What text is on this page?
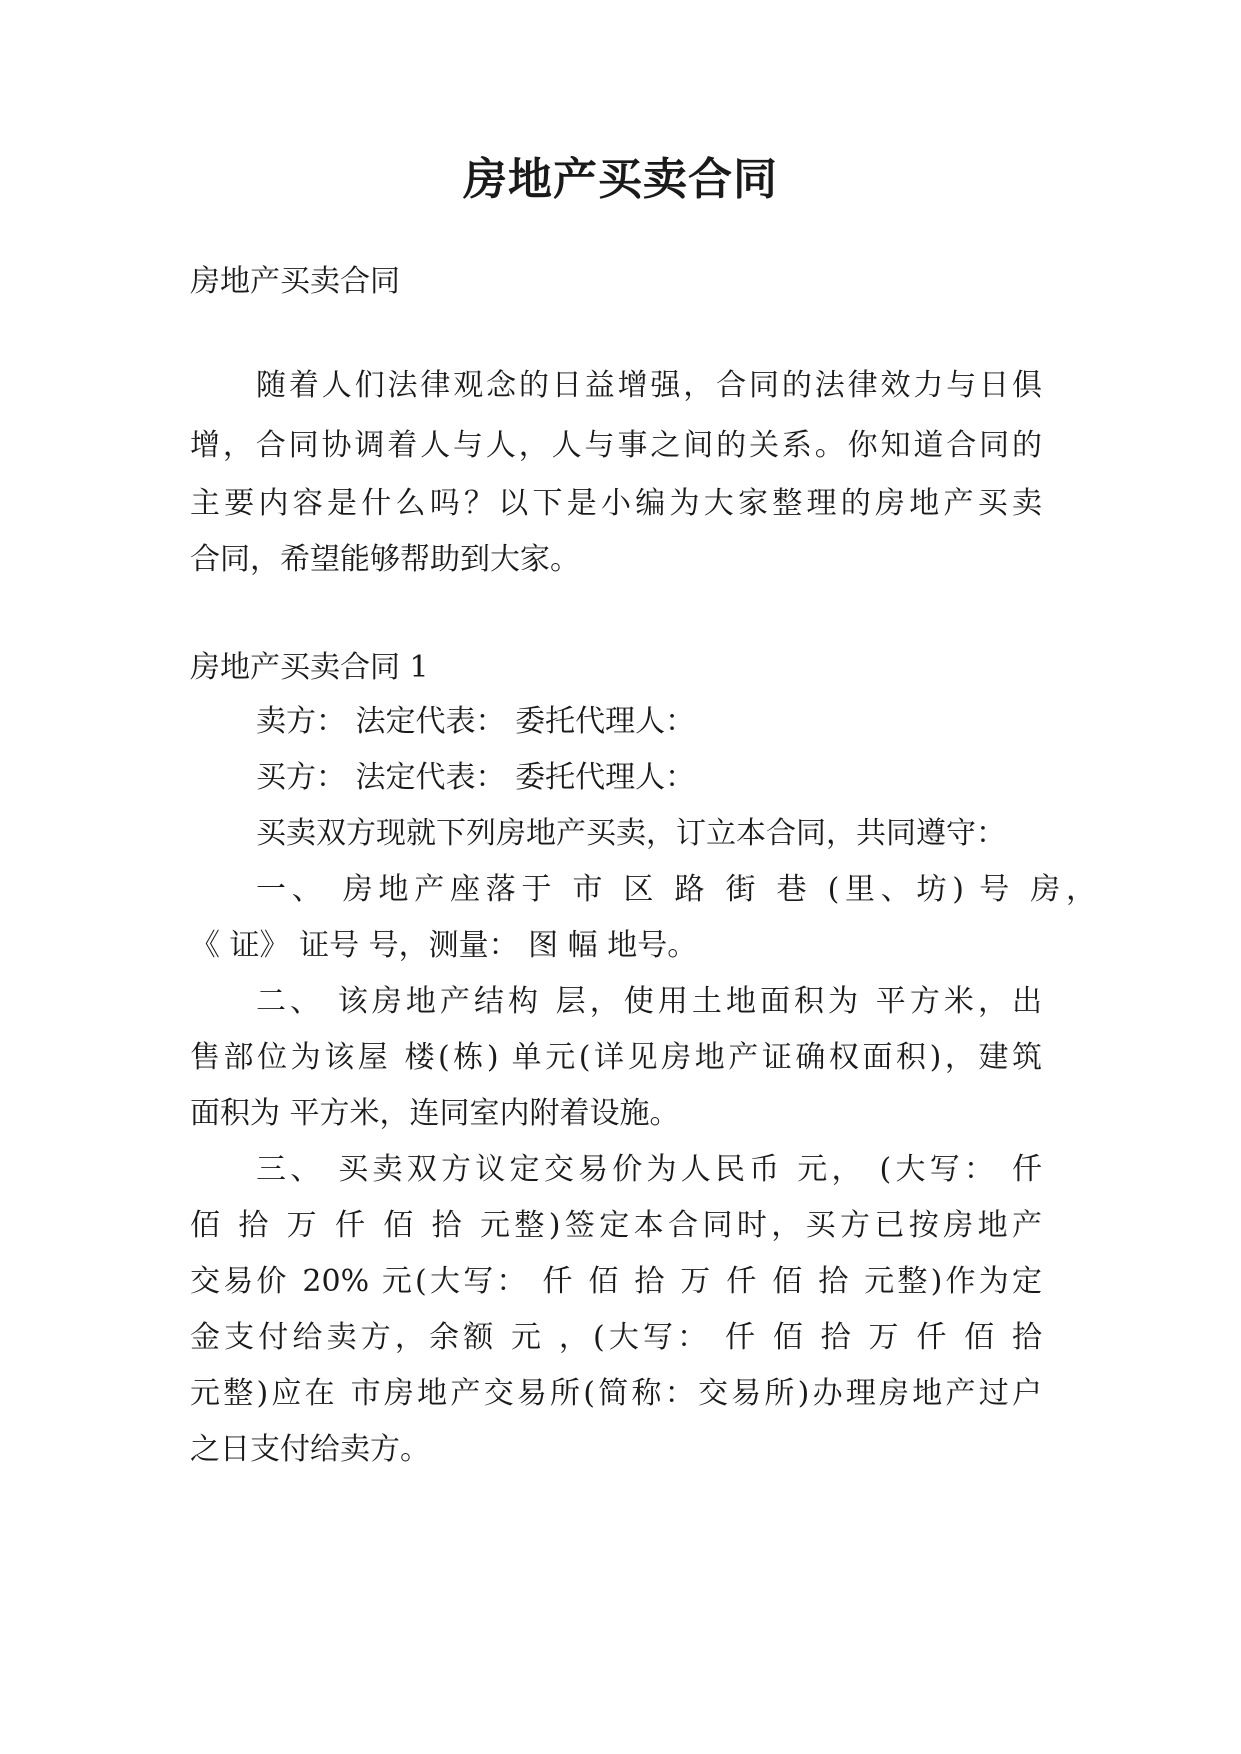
房地产买卖合同
房地产买卖合同
随着人们法律观念的日益增强，合同的法律效力与日俱
增，合同协调着人与人，人与事之间的关系。你知道合同的
主要内容是什么吗？以下是小编为大家整理的房地产买卖
合同，希望能够帮助到大家。
房地产买卖合同 1
卖方： 法定代表： 委托代理人：
买方： 法定代表： 委托代理人：
买卖双方现就下列房地产买卖，订立本合同，共同遵守：
一、 房地产座落于 市 区 路 街 巷 (里、坊) 号 房，
《 证》 证号 号，测量： 图 幅 地号。
二、 该房地产结构 层，使用土地面积为 平方米，出
售部位为该屋 楼(栋) 单元(详见房地产证确权面积)，建筑
面积为 平方米，连同室内附着设施。
三、 买卖双方议定交易价为人民币 元， (大写： 仟
佰 拾 万 仟 佰 拾 元整)签定本合同时，买方已按房地产
交易价 20% 元(大写： 仟 佰 拾 万 仟 佰 拾 元整)作为定
金支付给卖方，余额 元 ，(大写： 仟 佰 拾 万 仟 佰 拾
元整)应在 市房地产交易所(简称：交易所)办理房地产过户
之日支付给卖方。
